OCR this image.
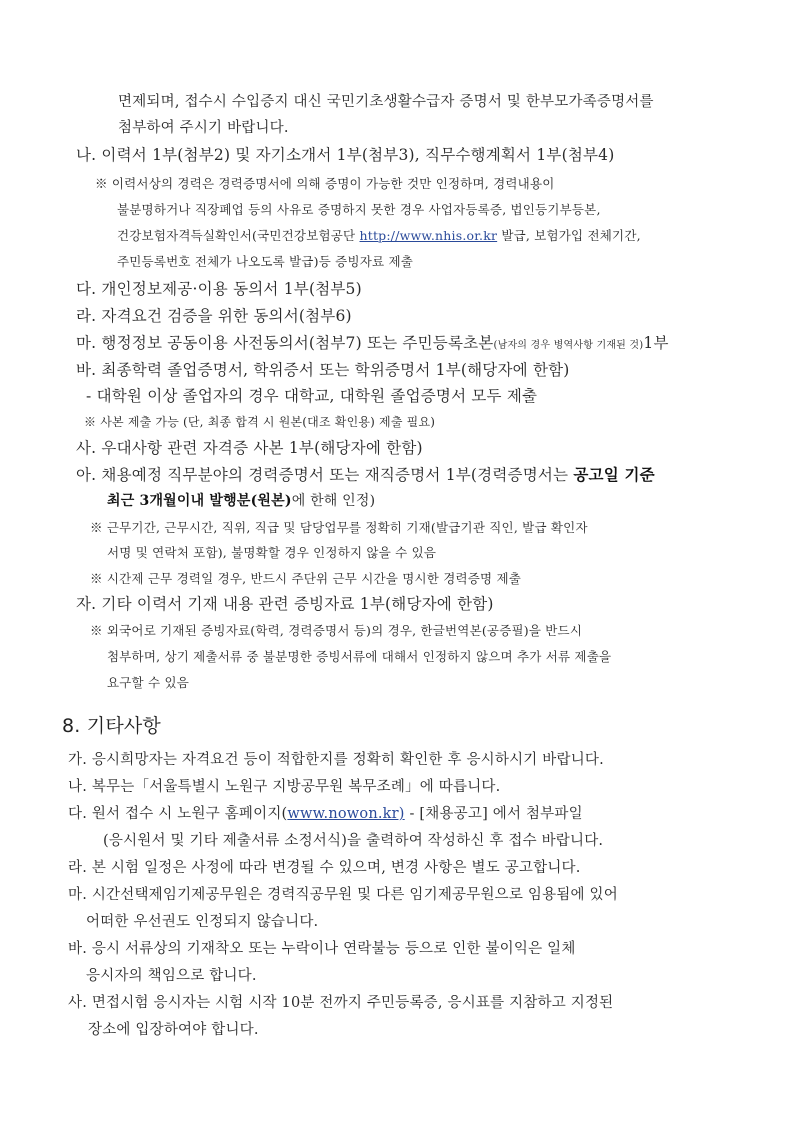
면제되며, 접수시 수입증지 대신 국민기초생활수급자 증명서 및 한부모가족증명서를
첨부하여 주시기 바랍니다.
나. 이력서 1부(첨부2) 및 자기소개서 1부(첨부3), 직무수행계획서 1부(첨부4)
※ 이력서상의 경력은 경력증명서에 의해 증명이 가능한 것만 인정하며, 경력내용이
불분명하거나 직장폐업 등의 사유로 증명하지 못한 경우 사업자등록증, 법인등기부등본,
건강보험자격득실확인서(국민건강보험공단 http://www.nhis.or.kr 발급, 보험가입 전체기간,
주민등록번호 전체가 나오도록 발급)등 증빙자료 제출
다. 개인정보제공·이용 동의서 1부(첨부5)
라. 자격요건 검증을 위한 동의서(첨부6)
마. 행정정보 공동이용 사전동의서(첨부7) 또는 주민등록초본(남자의 경우 병역사항 기재된 것)1부
바. 최종학력 졸업증명서, 학위증서 또는 학위증명서 1부(해당자에 한함)
- 대학원 이상 졸업자의 경우 대학교, 대학원 졸업증명서 모두 제출
※ 사본 제출 가능 (단, 최종 합격 시 원본(대조 확인용) 제출 필요)
사. 우대사항 관련 자격증 사본 1부(해당자에 한함)
아. 채용예정 직무분야의 경력증명서 또는 재직증명서 1부(경력증명서는 공고일 기준
최근 3개월이내 발행분(원본)에 한해 인정)
※ 근무기간, 근무시간, 직위, 직급 및 담당업무를 정확히 기재(발급기관 직인, 발급 확인자
서명 및 연락처 포함), 불명확할 경우 인정하지 않을 수 있음
※ 시간제 근무 경력일 경우, 반드시 주단위 근무 시간을 명시한 경력증명 제출
자. 기타 이력서 기재 내용 관련 증빙자료 1부(해당자에 한함)
※ 외국어로 기재된 증빙자료(학력, 경력증명서 등)의 경우, 한글번역본(공증필)을 반드시
첨부하며, 상기 제출서류 중 불분명한 증빙서류에 대해서 인정하지 않으며 추가 서류 제출을
요구할 수 있음
8. 기타사항
가. 응시희망자는 자격요건 등이 적합한지를 정확히 확인한 후 응시하시기 바랍니다.
나. 복무는「서울특별시 노원구 지방공무원 복무조례」에 따릅니다.
다. 원서 접수 시 노원구 홈페이지(www.nowon.kr) - [채용공고] 에서 첨부파일
(응시원서 및 기타 제출서류 소정서식)을 출력하여 작성하신 후 접수 바랍니다.
라. 본 시험 일정은 사정에 따라 변경될 수 있으며, 변경 사항은 별도 공고합니다.
마. 시간선택제임기제공무원은 경력직공무원 및 다른 임기제공무원으로 임용됨에 있어
어떠한 우선권도 인정되지 않습니다.
바. 응시 서류상의 기재착오 또는 누락이나 연락불능 등으로 인한 불이익은 일체
응시자의 책임으로 합니다.
사. 면접시험 응시자는 시험 시작 10분 전까지 주민등록증, 응시표를 지참하고 지정된
장소에 입장하여야 합니다.
